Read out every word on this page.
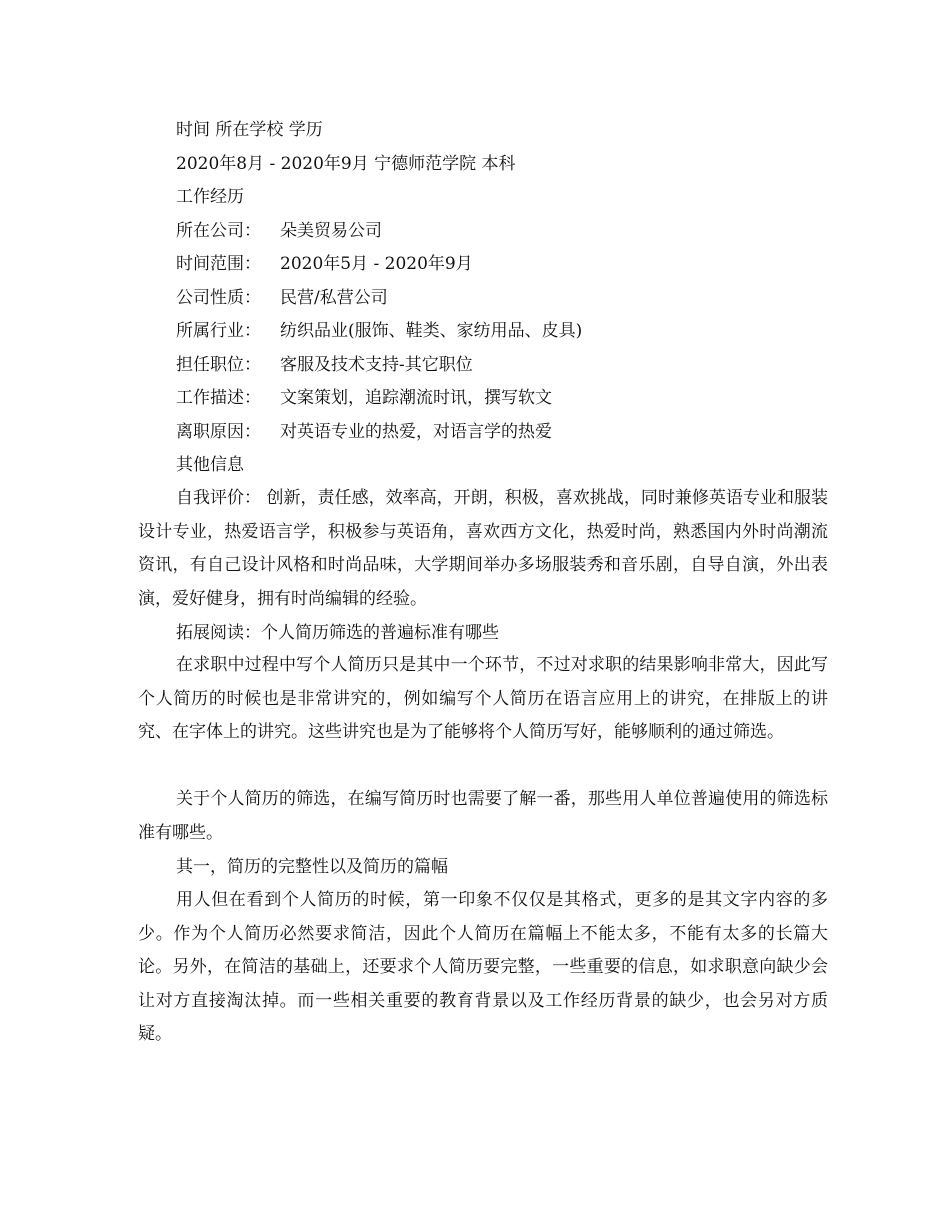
时间 所在学校 学历

2020年8月 - 2020年9月 宁德师范学院 本科

工作经历

所在公司： 朵美贸易公司

时间范围： 2020年5月 - 2020年9月

公司性质： 民营/私营公司

所属行业： 纺织品业(服饰、鞋类、家纺用品、皮具)

担任职位： 客服及技术支持-其它职位

工作描述： 文案策划，追踪潮流时讯，撰写软文

离职原因： 对英语专业的热爱，对语言学的热爱

其他信息

自我评价： 创新，责任感，效率高，开朗，积极，喜欢挑战，同时兼修英语专业和服装设计专业，热爱语言学，积极参与英语角，喜欢西方文化，热爱时尚，熟悉国内外时尚潮流资讯，有自己设计风格和时尚品味，大学期间举办多场服装秀和音乐剧，自导自演，外出表演，爱好健身，拥有时尚编辑的经验。

拓展阅读：个人简历筛选的普遍标准有哪些

在求职中过程中写个人简历只是其中一个环节，不过对求职的结果影响非常大，因此写个人简历的时候也是非常讲究的，例如编写个人简历在语言应用上的讲究，在排版上的讲究、在字体上的讲究。这些讲究也是为了能够将个人简历写好，能够顺利的通过筛选。

关于个人简历的筛选，在编写简历时也需要了解一番，那些用人单位普遍使用的筛选标准有哪些。

其一，简历的完整性以及简历的篇幅

用人但在看到个人简历的时候，第一印象不仅仅是其格式，更多的是其文字内容的多少。作为个人简历必然要求简洁，因此个人简历在篇幅上不能太多，不能有太多的长篇大论。另外，在简洁的基础上，还要求个人简历要完整，一些重要的信息，如求职意向缺少会让对方直接淘汰掉。而一些相关重要的教育背景以及工作经历背景的缺少，也会另对方质疑。
